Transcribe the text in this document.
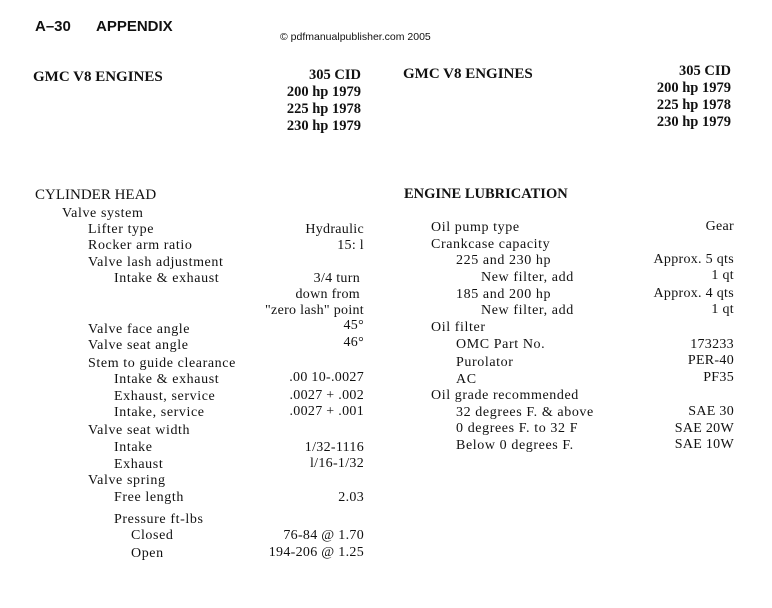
A–30 APPENDIX
© pdfmanualpublisher.com 2005
GMC V8 ENGINES	305 CID
200 hp 1979
225 hp 1978
230 hp 1979
GMC V8 ENGINES	305 CID
200 hp 1979
225 hp 1978
230 hp 1979
CYLINDER HEAD	ENGINE LUBRICATION
Valve system
Lifter type	Hydraulic
Rocker arm ratio	15: l
Valve lash adjustment
Intake & exhaust	3/4 turn
down from
"zero lash" point
Valve face angle	45°
Valve seat angle	46°
Stem to guide clearance
Intake & exhaust	.00 10-.0027
Exhaust, service	.0027 + .002
Intake, service	.0027 + .001
Valve seat width
Intake	1/32-1116
Exhaust	l/16-1/32
Valve spring
Free length	2.03
Pressure ft-lbs
Closed	76-84 @ 1.70
Open	194-206 @ 1.25
Oil pump type	Gear
Crankcase capacity
225 and 230 hp	Approx. 5 qts
New filter, add	1 qt
185 and 200 hp	Approx. 4 qts
New filter, add	1 qt
Oil filter
OMC Part No.	173233
Purolator	PER-40
AC	PF35
Oil grade recommended
32 degrees F. & above	SAE 30
0 degrees F. to 32 F	SAE 20W
Below 0 degrees F.	SAE 10W
